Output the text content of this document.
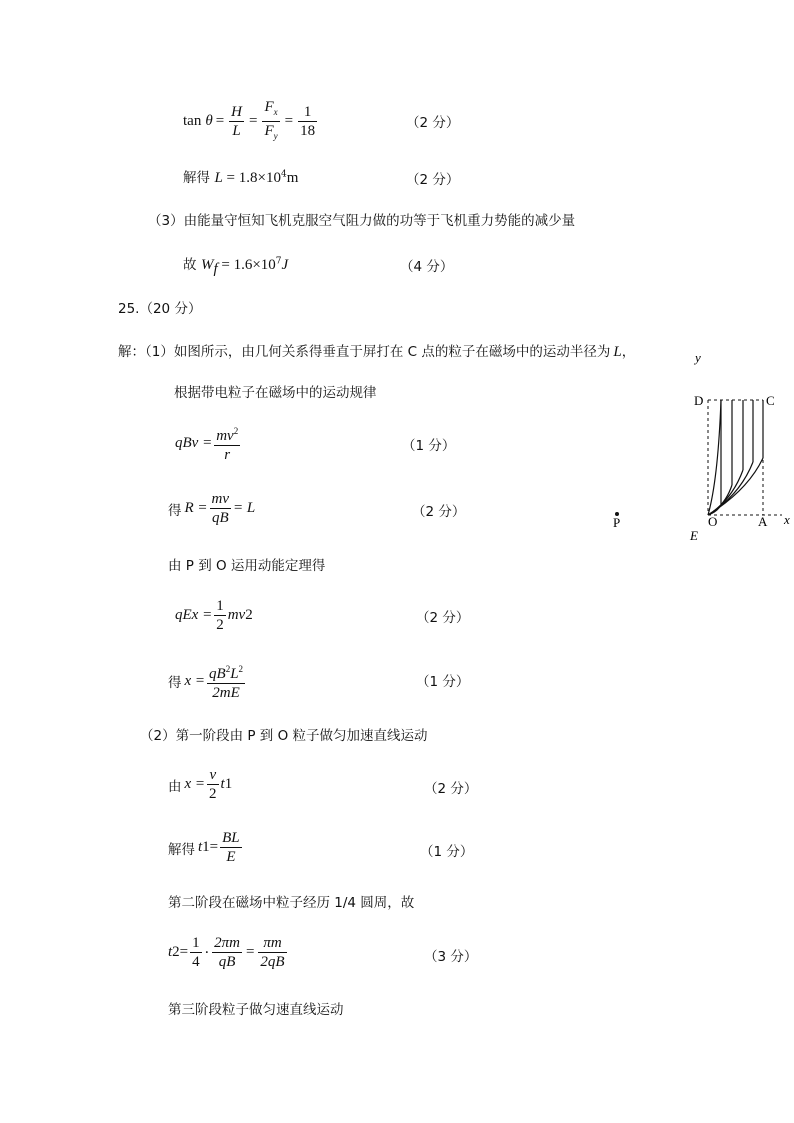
$\tan \theta = \frac{H}{L} = \frac{F_x}{F_y} = \frac{1}{18}$	（2 分）
解得 $L = 1.8\times 10^4m$	（2 分）
（3）由能量守恒知飞机克服空气阻力做的功等于飞机重力势能的减少量
故 $W_f = 1.6\times 10^7J$	（4 分）
25.（20 分）
解：（1）如图所示，由几何关系得垂直于屏打在 C 点的粒子在磁场中的运动半径为 L，
根据带电粒子在磁场中的运动规律
qBv = $\frac{mv^2}{r}$	（1 分）
得 $R = \frac{mv}{qB} = L$	（2 分）
由 P 到 O 运用动能定理得
qEx = $\frac{1}{2}$ mv 2	（2 分）
得 $x = \frac{qB^2L^2}{2mE}$	（1 分）
（2）第一阶段由 P 到 O 粒子做匀加速直线运动
由 $x = \frac{v}{2}$ t 1	（2 分）
解得 t $1 = \frac{BL}{E}$	（1 分）
第二阶段在磁场中粒子经历 1/4 圆周，故
t $2 = \frac{1}{4} \cdot \frac{2\pi m}{qB} = \frac{\pi m}{2qB}$	（3 分）
第三阶段粒子做匀速直线运动
y
D	C
O	A x
E
P
